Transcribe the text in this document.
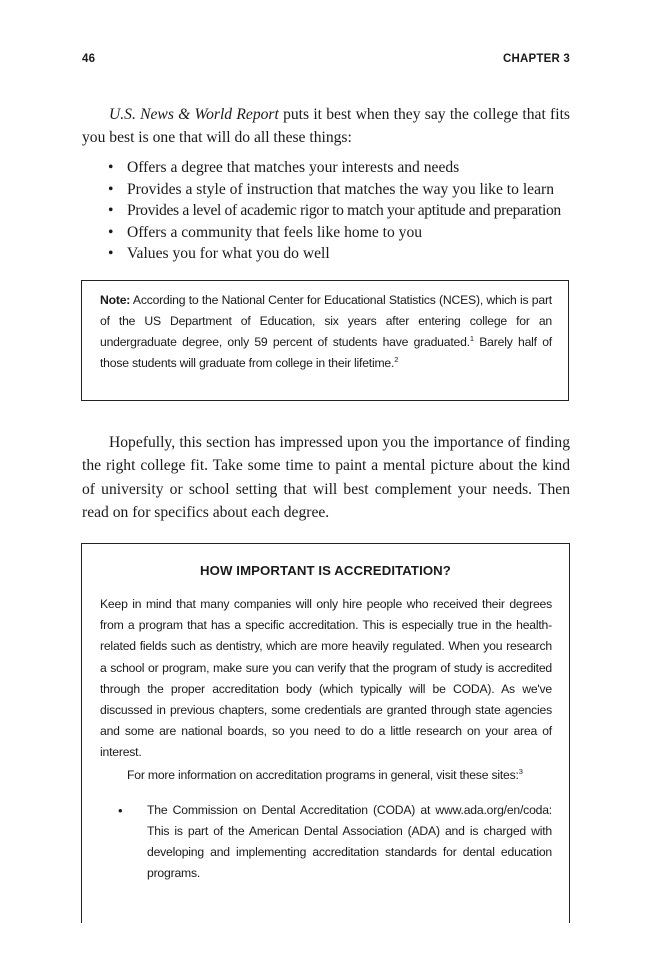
46	CHAPTER 3

U.S. News & World Report puts it best when they say the college that fits you best is one that will do all these things:

• Offers a degree that matches your interests and needs
• Provides a style of instruction that matches the way you like to learn
• Provides a level of academic rigor to match your aptitude and preparation
• Offers a community that feels like home to you
• Values you for what you do well

Note: According to the National Center for Educational Statistics (NCES), which is part of the US Department of Education, six years after entering college for an undergraduate degree, only 59 percent of students have graduated.$^1$ Barely half of those students will graduate from college in their lifetime.$^2$

Hopefully, this section has impressed upon you the importance of finding the right college fit. Take some time to paint a mental picture about the kind of university or school setting that will best complement your needs. Then read on for specifics about each degree.

HOW IMPORTANT IS ACCREDITATION?

Keep in mind that many companies will only hire people who received their degrees from a program that has a specific accreditation. This is especially true in the health-related fields such as dentistry, which are more heavily regulated. When you research a school or program, make sure you can verify that the program of study is accredited through the proper accreditation body (which typically will be CODA). As we've discussed in previous chapters, some credentials are granted through state agencies and some are national boards, so you need to do a little research on your area of interest.

For more information on accreditation programs in general, visit these sites:$^3$

• The Commission on Dental Accreditation (CODA) at www.ada.org/en/coda: This is part of the American Dental Association (ADA) and is charged with developing and implementing accreditation standards for dental education programs.
